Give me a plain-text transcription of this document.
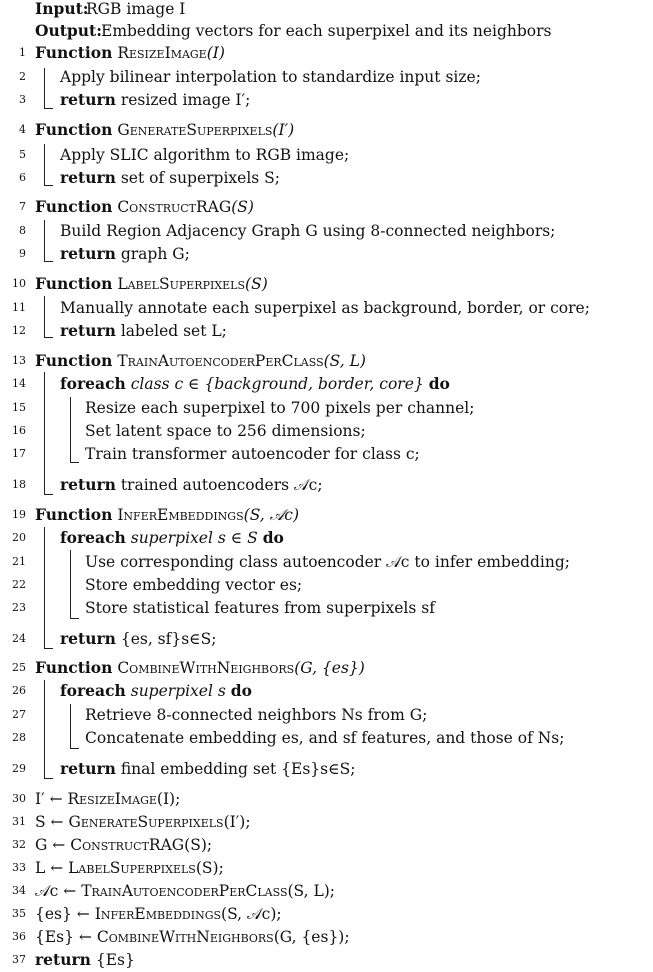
Input:
RGB image I
Output: Embedding vectors for each superpixel and its neighbors
1 Function ResizeImage(I)
2 Apply bilinear interpolation to standardize input size;
3 return resized image I′;
4 Function GenerateSuperpixels(I′)
5 Apply SLIC algorithm to RGB image;
6 return set of superpixels S;
7 Function ConstructRAG(S)
8 Build Region Adjacency Graph G using 8-connected neighbors;
9 return graph G;
10 Function LabelSuperpixels(S)
11 Manually annotate each superpixel as background, border, or core;
12 return labeled set L;
13 Function TrainAutoencoderPerClass(S, L)
14 foreach class c ∈ {background, border, core} do
15	Resize each superpixel to 700 pixels per channel;
16	Set latent space to 256 dimensions;
17	Train transformer autoencoder for class c;
18 return trained autoencoders 𝒜c;
19 Function InferEmbeddings(S, 𝒜c)
20 foreach superpixel s ∈ S do
21	Use corresponding class autoencoder 𝒜c to infer embedding;
22	Store embedding vector es;
23	Store statistical features from superpixels sf
24 return {es, sf}s∈S;
25 Function CombineWithNeighbors(G, {es})
26 foreach superpixel s do
27	Retrieve 8-connected neighbors Ns from G;
28	Concatenate embedding es, and sf features, and those of Ns;
29 return final embedding set {Es}s∈S;
30 I′ ← ResizeImage(I);
31 S ← GenerateSuperpixels(I′);
32 G ← ConstructRAG(S);
33 L ← LabelSuperpixels(S);
34 𝒜c ← TrainAutoencoderPerClass(S, L);
35 {es} ← InferEmbeddings(S, 𝒜c);
36 {Es} ← CombineWithNeighbors(G, {es});
37 return {Es}
